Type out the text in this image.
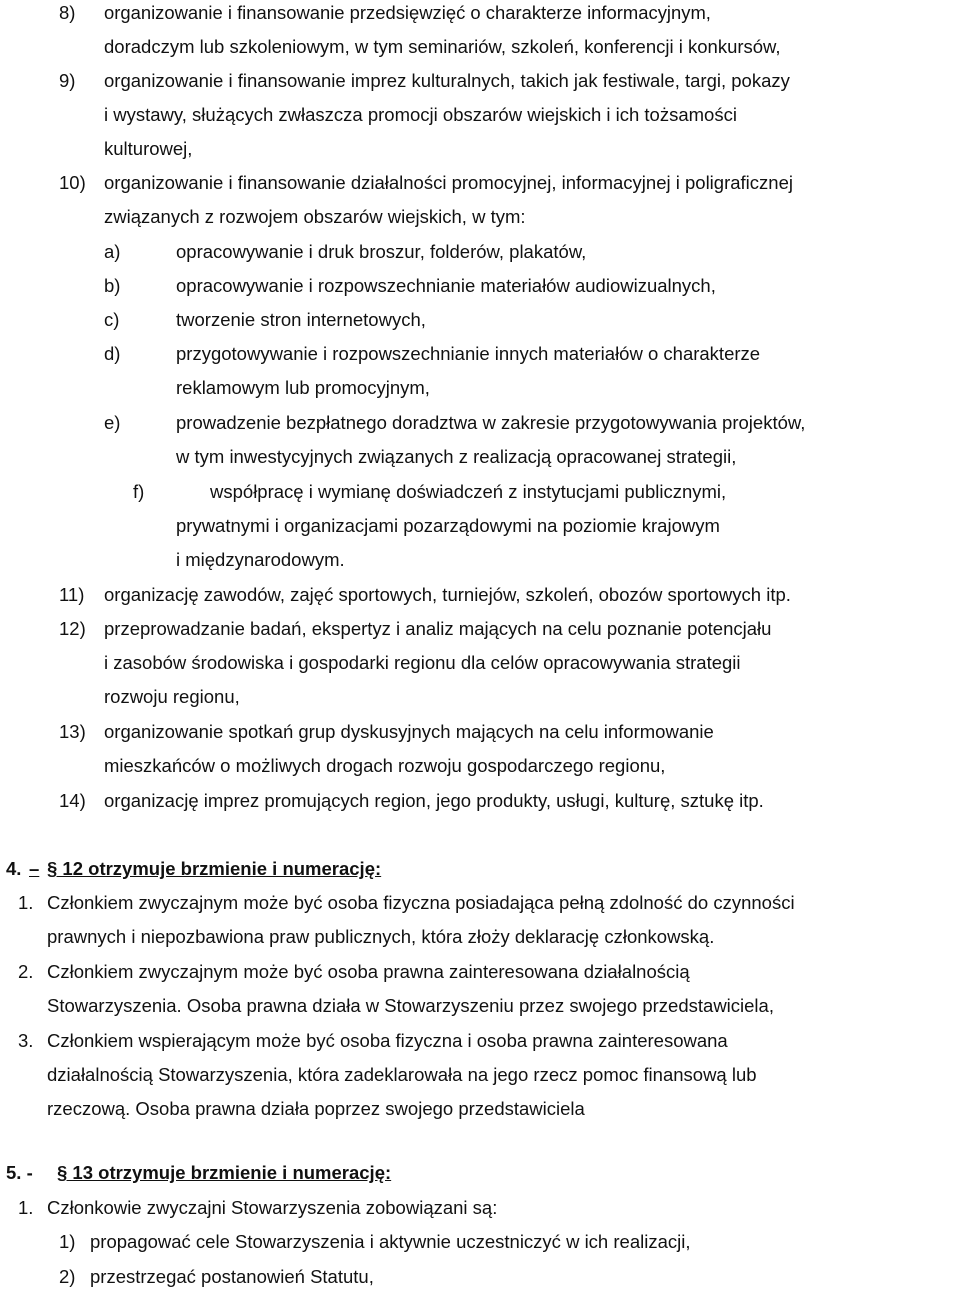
8) organizowanie i finansowanie przedsięwzięć o charakterze informacyjnym,
doradczym lub szkoleniowym, w tym seminariów, szkoleń, konferencji i konkursów,
9) organizowanie i finansowanie imprez kulturalnych, takich jak festiwale, targi, pokazy
i wystawy, służących zwłaszcza promocji obszarów wiejskich i ich tożsamości
kulturowej,
10) organizowanie i finansowanie działalności promocyjnej, informacyjnej i poligraficznej
związanych z rozwojem obszarów wiejskich, w tym:
a)	opracowywanie i druk broszur, folderów, plakatów,
b)	opracowywanie i rozpowszechnianie materiałów audiowizualnych,
c)	tworzenie stron internetowych,
d)	przygotowywanie i rozpowszechnianie innych materiałów o charakterze
reklamowym lub promocyjnym,
e)	prowadzenie bezpłatnego doradztwa w zakresie przygotowywania projektów,
w tym inwestycyjnych związanych z realizacją opracowanej strategii,
f)	współpracę i wymianę doświadczeń z instytucjami publicznymi,
prywatnymi i organizacjami pozarządowymi na poziomie krajowym
i międzynarodowym.
11) organizację zawodów, zajęć sportowych, turniejów, szkoleń, obozów sportowych itp.
12) przeprowadzanie badań, ekspertyz i analiz mających na celu poznanie potencjału
i zasobów środowiska i gospodarki regionu dla celów opracowywania strategii
rozwoju regionu,
13) organizowanie spotkań grup dyskusyjnych mających na celu informowanie
mieszkańców o możliwych drogach rozwoju gospodarczego regionu,
14) organizację imprez promujących region, jego produkty, usługi, kulturę, sztukę itp.
4. – § 12 otrzymuje brzmienie i numerację:
1. Członkiem zwyczajnym może być osoba fizyczna posiadająca pełną zdolność do czynności
prawnych i niepozbawiona praw publicznych, która złoży deklarację członkowską.
2. Członkiem zwyczajnym może być osoba prawna zainteresowana działalnością
Stowarzyszenia. Osoba prawna działa w Stowarzyszeniu przez swojego przedstawiciela,
3. Członkiem wspierającym może być osoba fizyczna i osoba prawna zainteresowana
działalnością Stowarzyszenia, która zadeklarowała na jego rzecz pomoc finansową lub
rzeczową. Osoba prawna działa poprzez swojego przedstawiciela
5. - § 13 otrzymuje brzmienie i numerację:
1. Członkowie zwyczajni Stowarzyszenia zobowiązani są:
1) propagować cele Stowarzyszenia i aktywnie uczestniczyć w ich realizacji,
2) przestrzegać postanowień Statutu,
